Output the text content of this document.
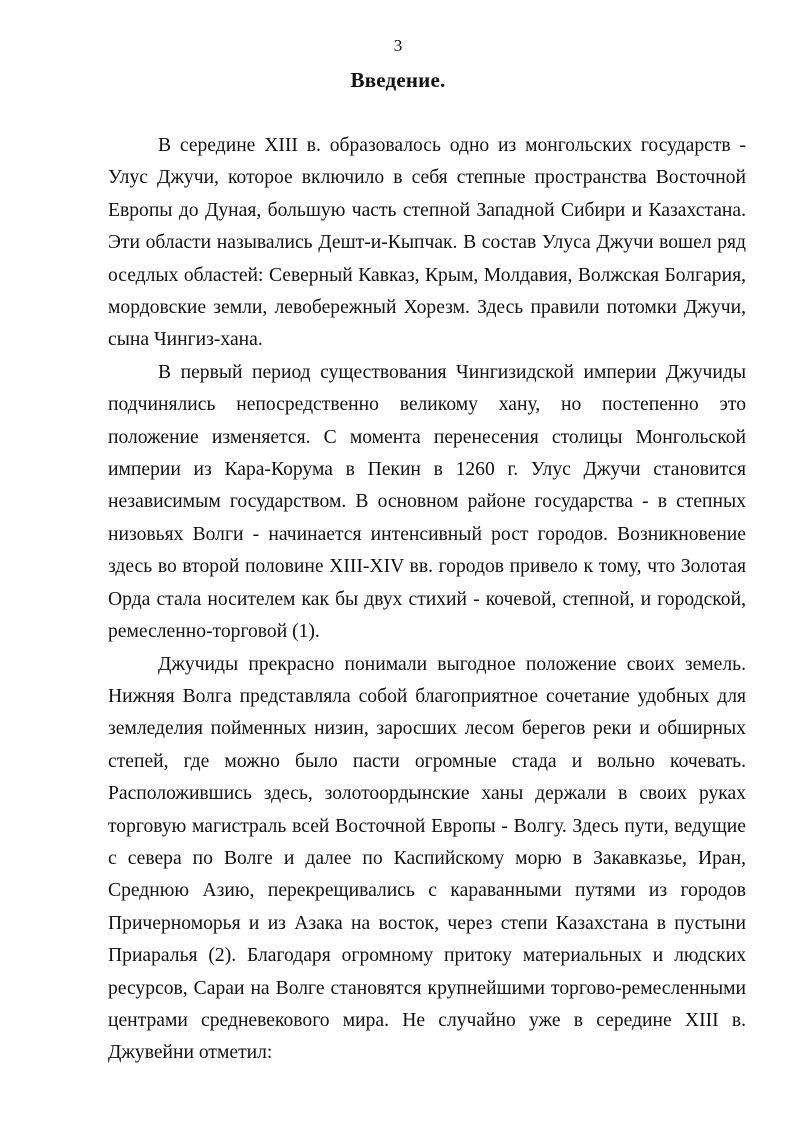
3
Введение.

В середине XIII в. образовалось одно из монгольских государств - Улус Джучи, которое включило в себя степные пространства Восточной Европы до Дуная, большую часть степной Западной Сибири и Казахстана. Эти области назывались Дешт-и-Кыпчак. В состав Улуса Джучи вошел ряд оседлых областей: Северный Кавказ, Крым, Молдавия, Волжская Болгария, мордовские земли, левобережный Хорезм. Здесь правили потомки Джучи, сына Чингиз-хана.

В первый период существования Чингизидской империи Джучиды подчинялись непосредственно великому хану, но постепенно это положение изменяется. С момента перенесения столицы Монгольской империи из Кара-Корума в Пекин в 1260 г. Улус Джучи становится независимым государством. В основном районе государства - в степных низовьях Волги - начинается интенсивный рост городов. Возникновение здесь во второй половине XIII-XIV вв. городов привело к тому, что Золотая Орда стала носителем как бы двух стихий - кочевой, степной, и городской, ремесленно-торговой (1).

Джучиды прекрасно понимали выгодное положение своих земель. Нижняя Волга представляла собой благоприятное сочетание удобных для земледелия пойменных низин, заросших лесом берегов реки и обширных степей, где можно было пасти огромные стада и вольно кочевать. Расположившись здесь, золотоордынские ханы держали в своих руках торговую магистраль всей Восточной Европы - Волгу. Здесь пути, ведущие с севера по Волге и далее по Каспийскому морю в Закавказье, Иран, Среднюю Азию, перекрещивались с караванными путями из городов Причерноморья и из Азака на восток, через степи Казахстана в пустыни Приаралья (2). Благодаря огромному притоку материальных и людских ресурсов, Сараи на Волге становятся крупнейшими торгово-ремесленными центрами средневекового мира. Не случайно уже в середине XIII в. Джувейни отметил:
